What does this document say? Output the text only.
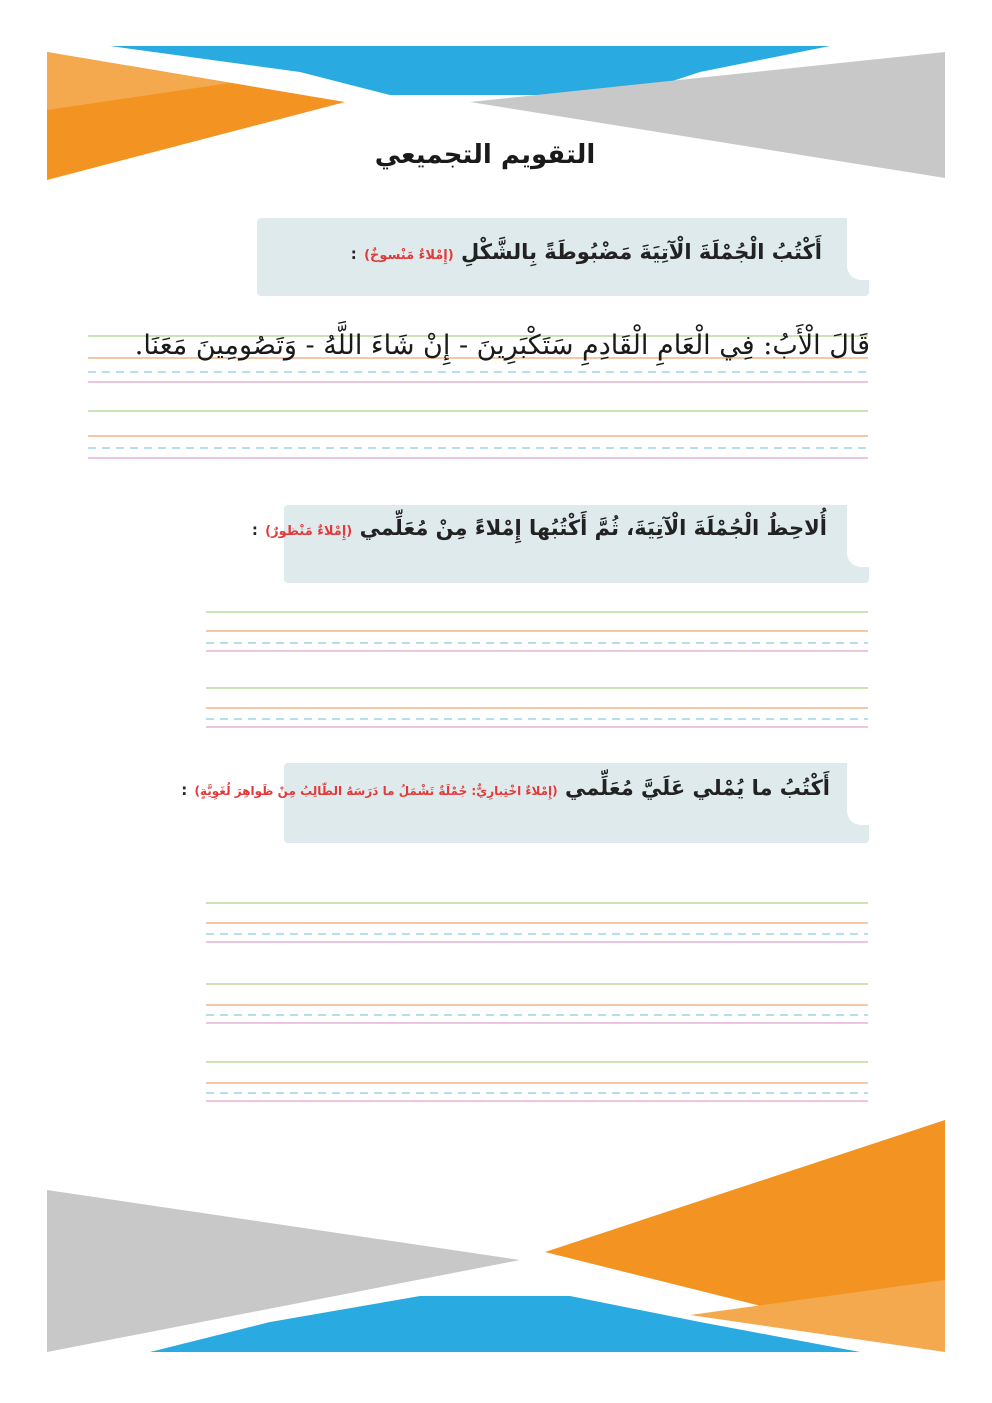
التقويم التجميعي
أَكْتُبُ الْجُمْلَةَ الْآتِيَةَ مَضْبُوطَةً بِالشَّكْلِ (إِمْلاءٌ مَنْسوخٌ) :
قَالَ الْأَبُ: فِي الْعَامِ الْقَادِمِ سَتَكْبَرِينَ - إِنْ شَاءَ اللَّهُ - وَتَصُومِينَ مَعَنَا.
أُلاحِظُ الْجُمْلَةَ الْآتِيَةَ، ثُمَّ أَكْتُبُها إِمْلاءً مِنْ مُعَلِّمي (إِمْلاءٌ مَنْظورٌ) :
أَكْتُبُ ما يُمْلي عَلَيَّ مُعَلِّمي (إِمْلاءٌ اخْتِبارِيٌّ: جُمْلَةٌ تَشْمَلُ ما دَرَسَهُ الطّالِبُ مِنْ ظَواهِرَ لُغَوِيَّةٍ) :
